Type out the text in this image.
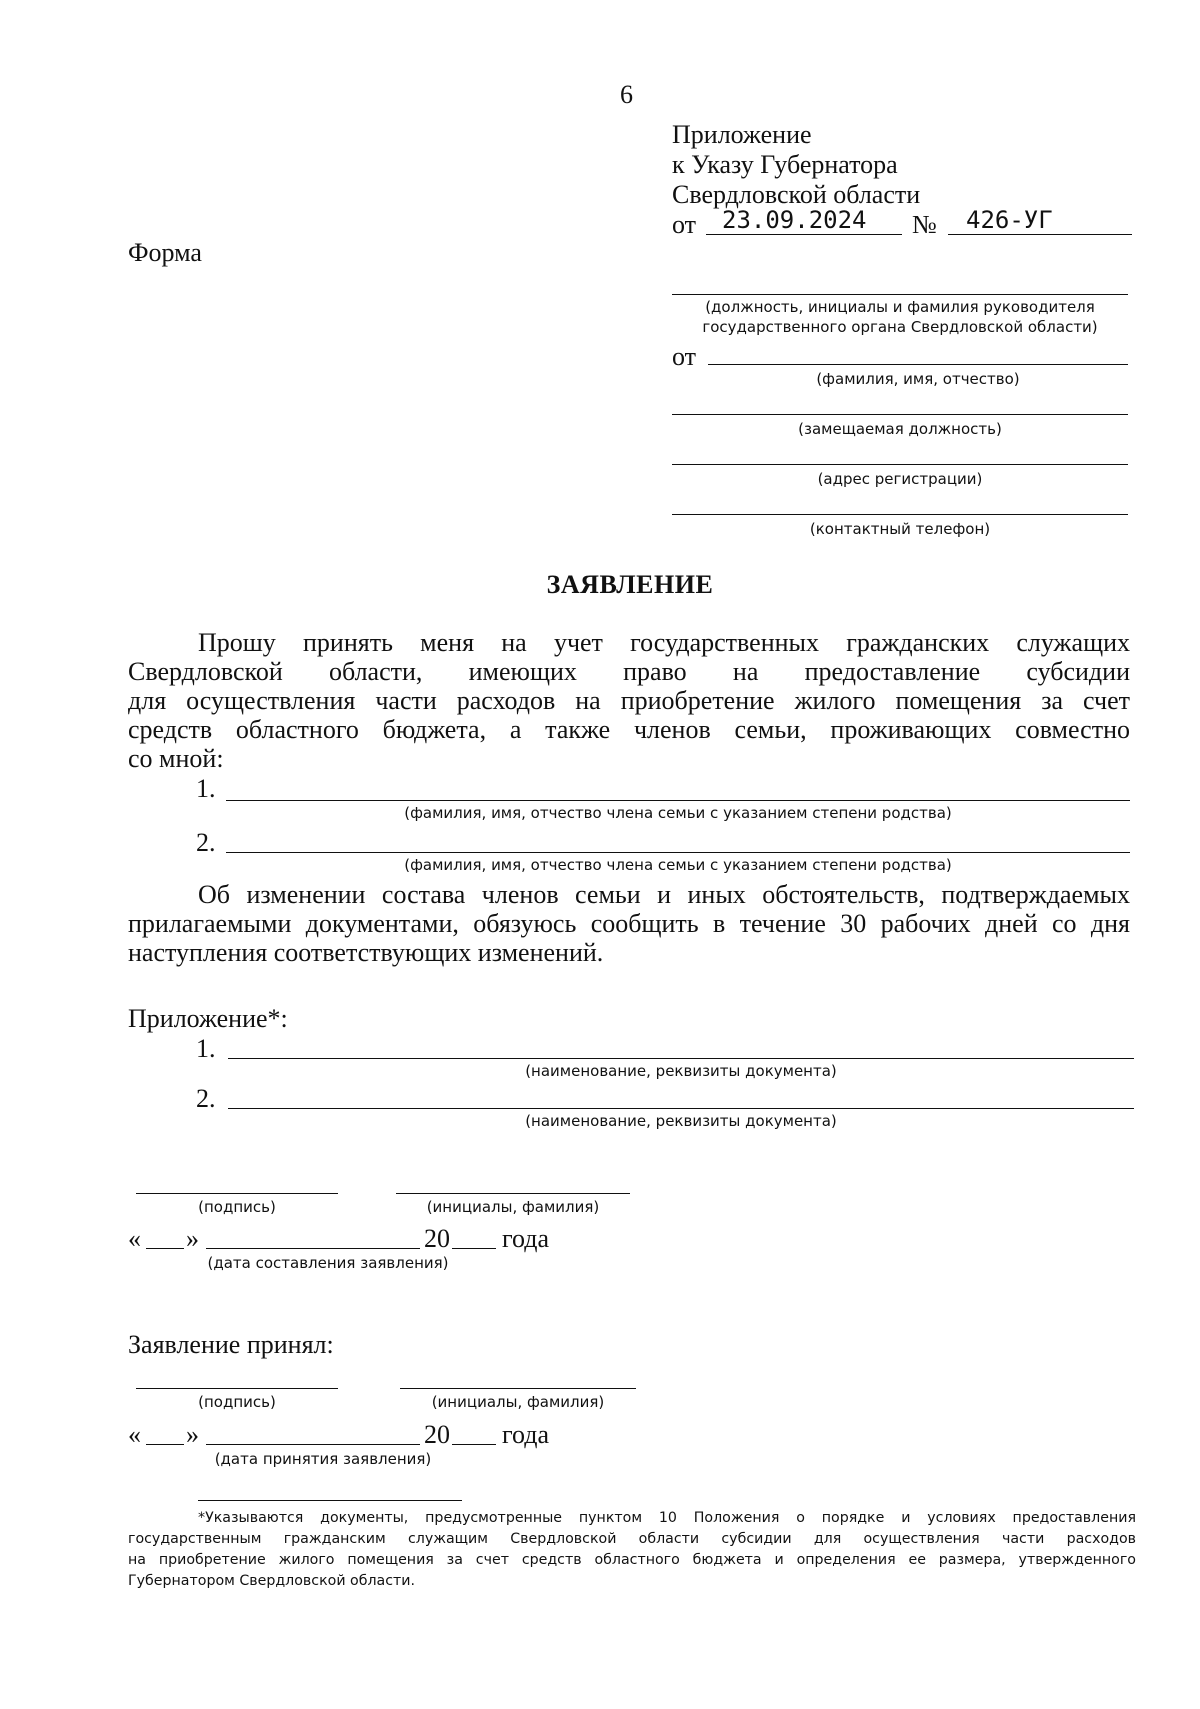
6
Приложение
к Указу Губернатора
Свердловской области
от 23.09.2024 № 426-УГ
Форма
(должность, инициалы и фамилия руководителя
государственного органа Свердловской области)
от
(фамилия, имя, отчество)
(замещаемая должность)
(адрес регистрации)
(контактный телефон)
ЗАЯВЛЕНИЕ
Прошу принять меня на учет государственных гражданских служащих
Свердловской области, имеющих право на предоставление субсидии
для осуществления части расходов на приобретение жилого помещения за счет
средств областного бюджета, а также членов семьи, проживающих совместно
со мной:
1.
(фамилия, имя, отчество члена семьи с указанием степени родства)
2.
(фамилия, имя, отчество члена семьи с указанием степени родства)
Об изменении состава членов семьи и иных обстоятельств, подтверждаемых
прилагаемыми документами, обязуюсь сообщить в течение 30 рабочих дней со дня
наступления соответствующих изменений.
Приложение*:
1.
(наименование, реквизиты документа)
2.
(наименование, реквизиты документа)
(подпись)	(инициалы, фамилия)
« »	20 года
(дата составления заявления)
Заявление принял:
(подпись)	(инициалы, фамилия)
« »	20 года
(дата принятия заявления)
*Указываются документы, предусмотренные пунктом 10 Положения о порядке и условиях предоставления
государственным гражданским служащим Свердловской области субсидии для осуществления части расходов
на приобретение жилого помещения за счет средств областного бюджета и определения ее размера, утвержденного
Губернатором Свердловской области.
